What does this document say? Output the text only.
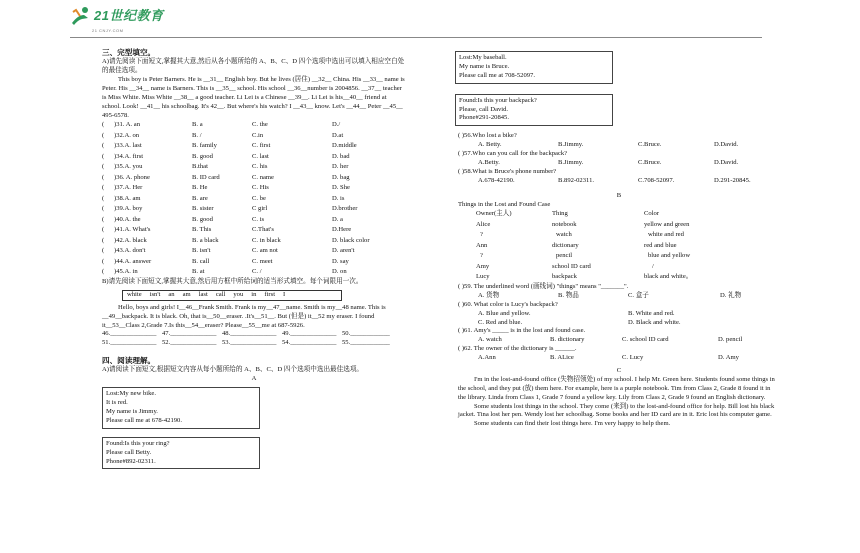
21世纪教育
21 CNJY.COM

三、完型填空。

A)请先阅读下面短文,掌握其大意,然后从各小题所给的 A、B、C、D 四个选项中选出可以填入相应空白处的最佳选项。

This boy is Peter Barners. He is __31__ English boy. But he lives (居住) __32__ China. His __33__ name is Peter. His __34__ name is Barners. This is __35__ school. His school __36__number is 2004856. __37__ teacher is Miss White. Miss White __38__ a good teacher. Li Lei is a Chinese __39__. Li Lei is his__40__ friend at school. Look! __41__ his schoolbag. It's 42__. But where's his watch? I __43__ know. Let's __44__ Peter __45__ 495-6578.

(	)31. A. an	B. a	C. the	D./
(	)32.A. on	B. /	C.in	D.at
(	)33.A. last	B. family	C. first	D.middle
(	)34.A. first	B. good	C. last	D. bad
(	)35.A. you	B.that	C. his	D. her
(	)36. A. phone	B. ID card	C. name	D. bag
(	)37.A. Her	B. He	C. His	D. She
(	)38.A. am	B. are	C. be	D. is
(	)39.A. boy	B. sister	C girl	D.brother
(	)40.A. the	B. good	C. is	D. a
(	)41.A. What's	B. This	C.That's	D.Here
(	)42.A. black	B. a black	C. in black	D. black color
(	)43.A. don't	B. isn't	C. am not	D. aren't
(	)44.A. answer	B. call	C. meet	D. say
(	)45.A. in	B. at	C. /	D. on

B)请先阅读下面短文,掌握其大意,然后用方框中所给词的适当形式填空。每个词限用一次。

white isn't an am last call you in first I

Hello, boys and girls! I__46__Frank Smith. Frank is my__47__name. Smith is my__48 name. This is __49__backpack. It is black. Oh, that is__50__eraser. .It's__51__. But (但是) it__52 my eraser. I found it__53__Class 2,Grade 7.Is this__54__eraser? Please__55__me at 687-5926.

46.______________ 47.______________ 48.______________ 49.______________ 50.____________
51.______________ 52.______________ 53.______________ 54.______________ 55.____________

四、阅读理解。

A)请阅读下面短文,根据短文内容从每小题所给的 A、B、C、D 四个选项中选出最佳选项。

A

Lost:My new bike.

It is red.

My name is Jimmy.

Please call me at 678-42190.

Found:Is this your ring?

Please call Betty.

Phone#892-02311.

Lost:My baseball.

My name is Bruce.

Please call me at 708-52097.

Found:Is this your backpack?

Please, call David.

Phone#291-20845.

( )56.Who lost a bike?

A. Betty.	B.Jimmy.	C.Bruce.	D.David.

( )57.Who can you call for the backpack?

A.Betty.	B.Jimmy.	C.Bruce.	D.David.

( )58.What is Bruce's phone number?

A.678-42190.	B.892-02311.	C.708-52097.	D.291-20845.

B

Things in the Lost and Found Case

Owner(主人)	Thing	Color
Alice	notebook	yellow and green
?	watch	white and red
Ann	dictionary	red and blue
?	pencil	blue and yellow
Amy	school ID card	/
Lucy	backpack	black and white。

( )59. The underlined word (画线词) "things" means "_______".

A. 货物	B. 物品	C. 盒子	D. 礼物

( )60. What color is Lucy's backpack?

A. Blue and yellow.	B. White and red.
C. Red and blue.	D. Black and white.

( )61. Amy's _____ is in the lost and found case.

A. watch	B. dictionary	C. school ID card	D. pencil

( )62. The owner of the dictionary is ______.

A.Ann	B. ALice	C. Lucy	D. Amy

C

I'm in the lost-and-found office (失物招领处) of my school. I help Mr. Green here. Students found some things in the school, and they put (放) them here. For example, here is a purple notebook. Tim from Class 2, Grade 8 found it in the library. Linda from Class 1, Grade 7 found a yellow key. Lily from Class 2, Grade 9 found an English dictionary.

Some students lost things in the school. They come (来到) to the lost-and-found office for help. Bill lost his black jacket. Tina lost her pen. Wendy lost her schoolbag. Some books and her ID card are in it. Eric lost his computer game.

Some students can find their lost things here. I'm very happy to help them.
